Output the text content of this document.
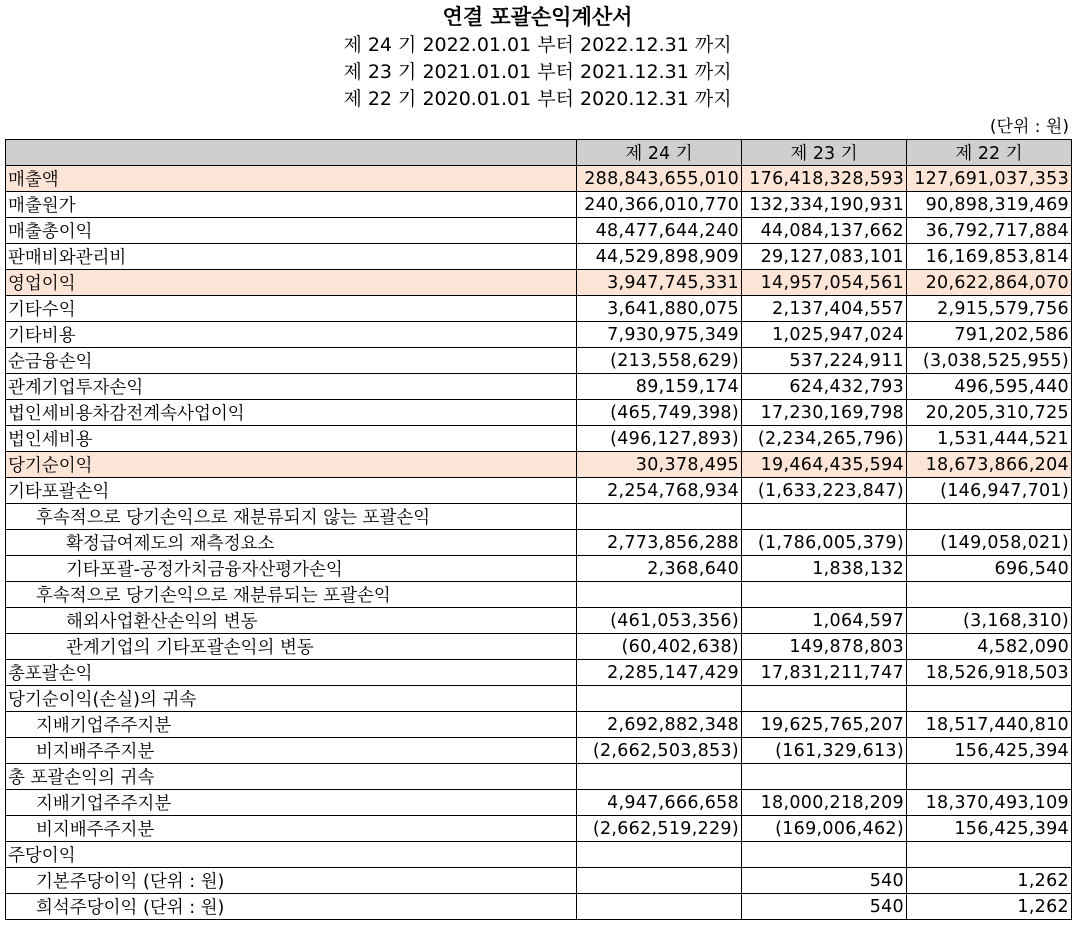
연결 포괄손익계산서
제 24 기 2022.01.01 부터 2022.12.31 까지
제 23 기 2021.01.01 부터 2021.12.31 까지
제 22 기 2020.01.01 부터 2020.12.31 까지
(단위 : 원)
	제 24 기	제 23 기	제 22 기
매출액	288,843,655,010	176,418,328,593	127,691,037,353
매출원가	240,366,010,770	132,334,190,931	90,898,319,469
매출총이익	48,477,644,240	44,084,137,662	36,792,717,884
판매비와관리비	44,529,898,909	29,127,083,101	16,169,853,814
영업이익	3,947,745,331	14,957,054,561	20,622,864,070
기타수익	3,641,880,075	2,137,404,557	2,915,579,756
기타비용	7,930,975,349	1,025,947,024	791,202,586
순금융손익	(213,558,629)	537,224,911	(3,038,525,955)
관계기업투자손익	89,159,174	624,432,793	496,595,440
법인세비용차감전계속사업이익	(465,749,398)	17,230,169,798	20,205,310,725
법인세비용	(496,127,893)	(2,234,265,796)	1,531,444,521
당기순이익	30,378,495	19,464,435,594	18,673,866,204
기타포괄손익	2,254,768,934	(1,633,223,847)	(146,947,701)
후속적으로 당기손익으로 재분류되지 않는 포괄손익			
확정급여제도의 재측정요소	2,773,856,288	(1,786,005,379)	(149,058,021)
기타포괄-공정가치금융자산평가손익	2,368,640	1,838,132	696,540
후속적으로 당기손익으로 재분류되는 포괄손익			
해외사업환산손익의 변동	(461,053,356)	1,064,597	(3,168,310)
관계기업의 기타포괄손익의 변동	(60,402,638)	149,878,803	4,582,090
총포괄손익	2,285,147,429	17,831,211,747	18,526,918,503
당기순이익(손실)의 귀속			
지배기업주주지분	2,692,882,348	19,625,765,207	18,517,440,810
비지배주주지분	(2,662,503,853)	(161,329,613)	156,425,394
총 포괄손익의 귀속			
지배기업주주지분	4,947,666,658	18,000,218,209	18,370,493,109
비지배주주지분	(2,662,519,229)	(169,006,462)	156,425,394
주당이익			
기본주당이익 (단위 : 원)		540	1,262
희석주당이익 (단위 : 원)		540	1,262
